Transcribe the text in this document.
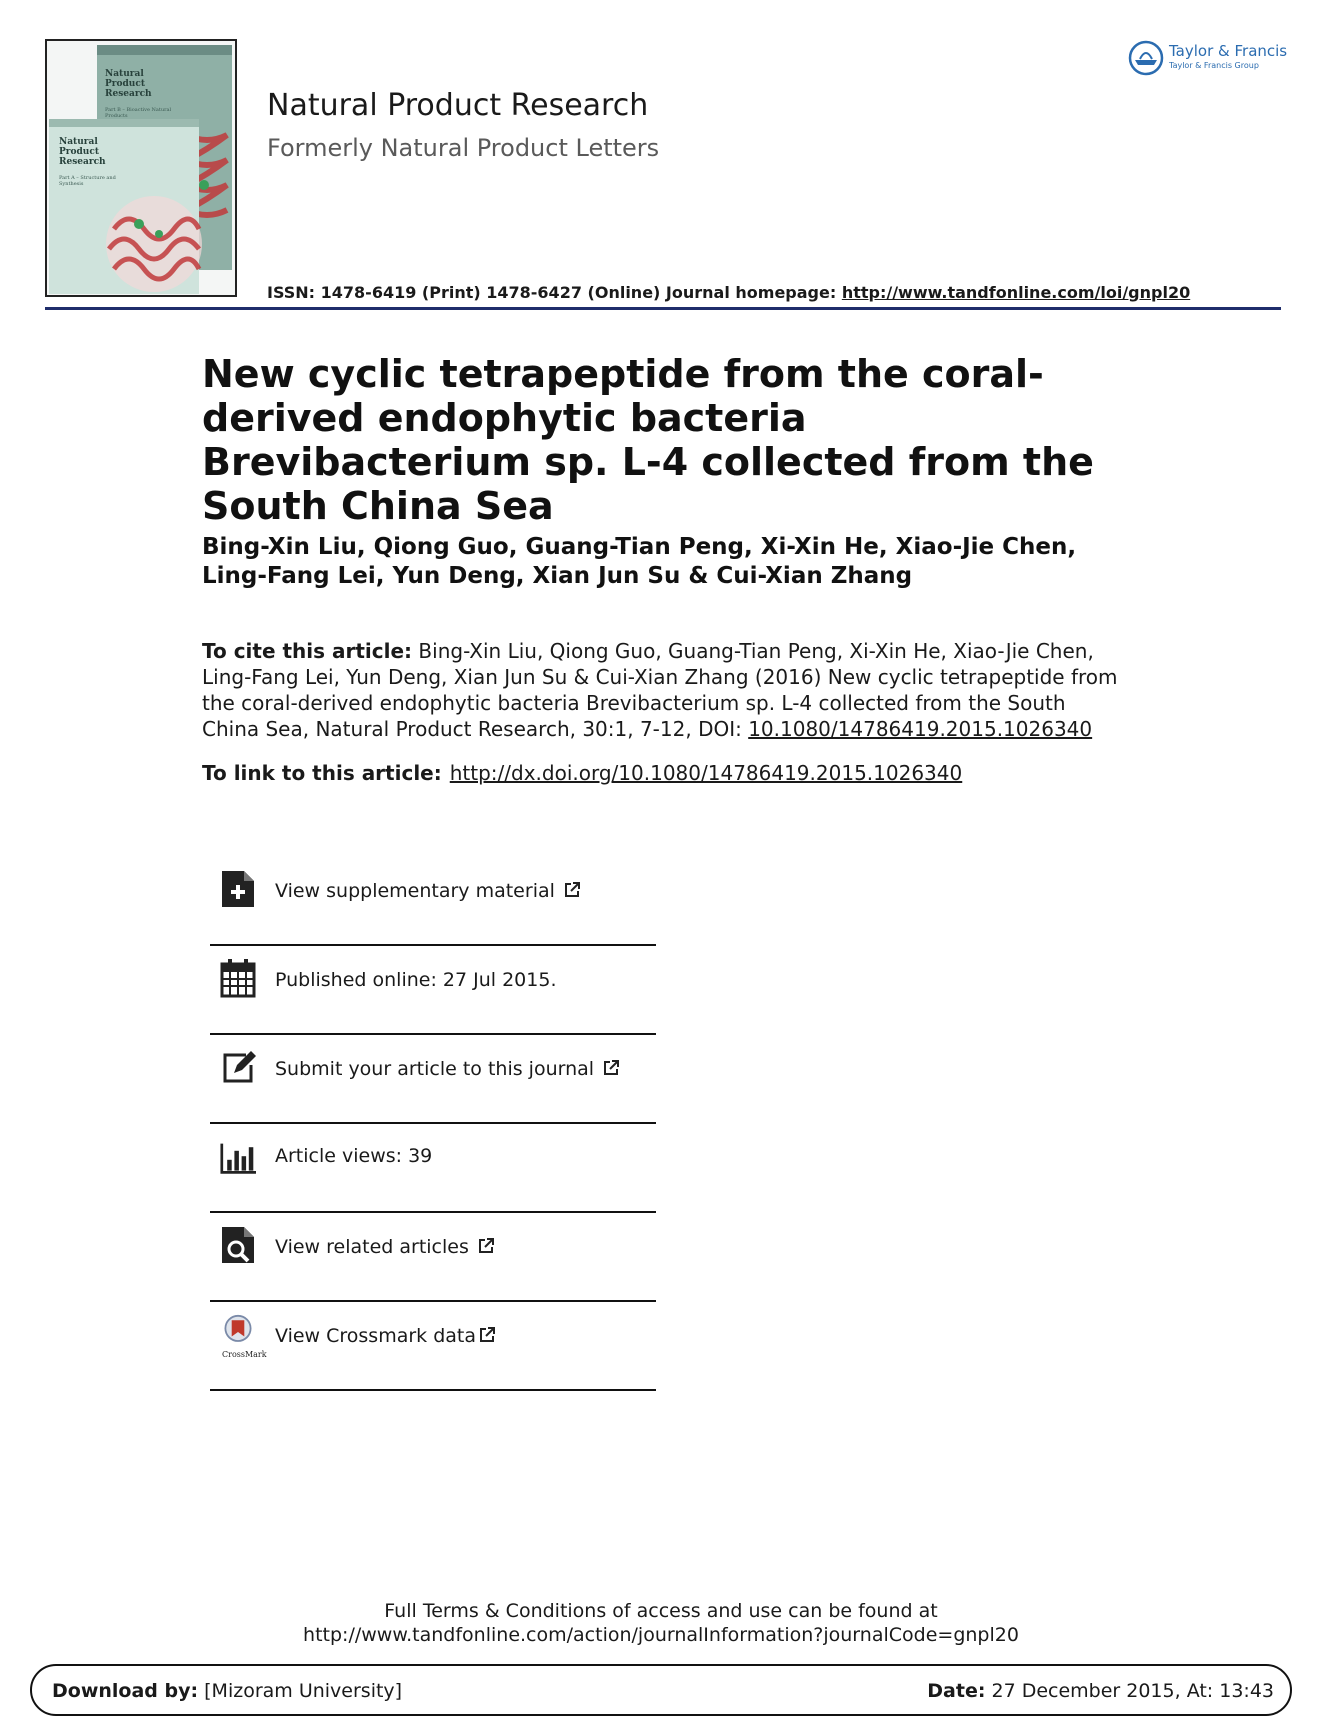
Natural Product Research
Part B – Bioactive Natural Products
Natural Product Research
Part A – Structure and Synthesis
Natural Product Research
Formerly Natural Product Letters
ISSN: 1478-6419 (Print) 1478-6427 (Online) Journal homepage: http://www.tandfonline.com/loi/gnpl20
Taylor & Francis
Taylor & Francis Group
New cyclic tetrapeptide from the coral-derived endophytic bacteria Brevibacterium sp. L-4 collected from the South China Sea
Bing-Xin Liu, Qiong Guo, Guang-Tian Peng, Xi-Xin He, Xiao-Jie Chen, Ling-Fang Lei, Yun Deng, Xian Jun Su & Cui-Xian Zhang
To cite this article: Bing-Xin Liu, Qiong Guo, Guang-Tian Peng, Xi-Xin He, Xiao-Jie Chen, Ling-Fang Lei, Yun Deng, Xian Jun Su & Cui-Xian Zhang (2016) New cyclic tetrapeptide from the coral-derived endophytic bacteria Brevibacterium sp. L-4 collected from the South China Sea, Natural Product Research, 30:1, 7-12, DOI: 10.1080/14786419.2015.1026340
To link to this article: http://dx.doi.org/10.1080/14786419.2015.1026340
View supplementary material
Published online: 27 Jul 2015.
Submit your article to this journal
Article views: 39
View related articles
CrossMark
View Crossmark data
Full Terms & Conditions of access and use can be found at
http://www.tandfonline.com/action/journalInformation?journalCode=gnpl20
Download by: [Mizoram University]	Date: 27 December 2015, At: 13:43
